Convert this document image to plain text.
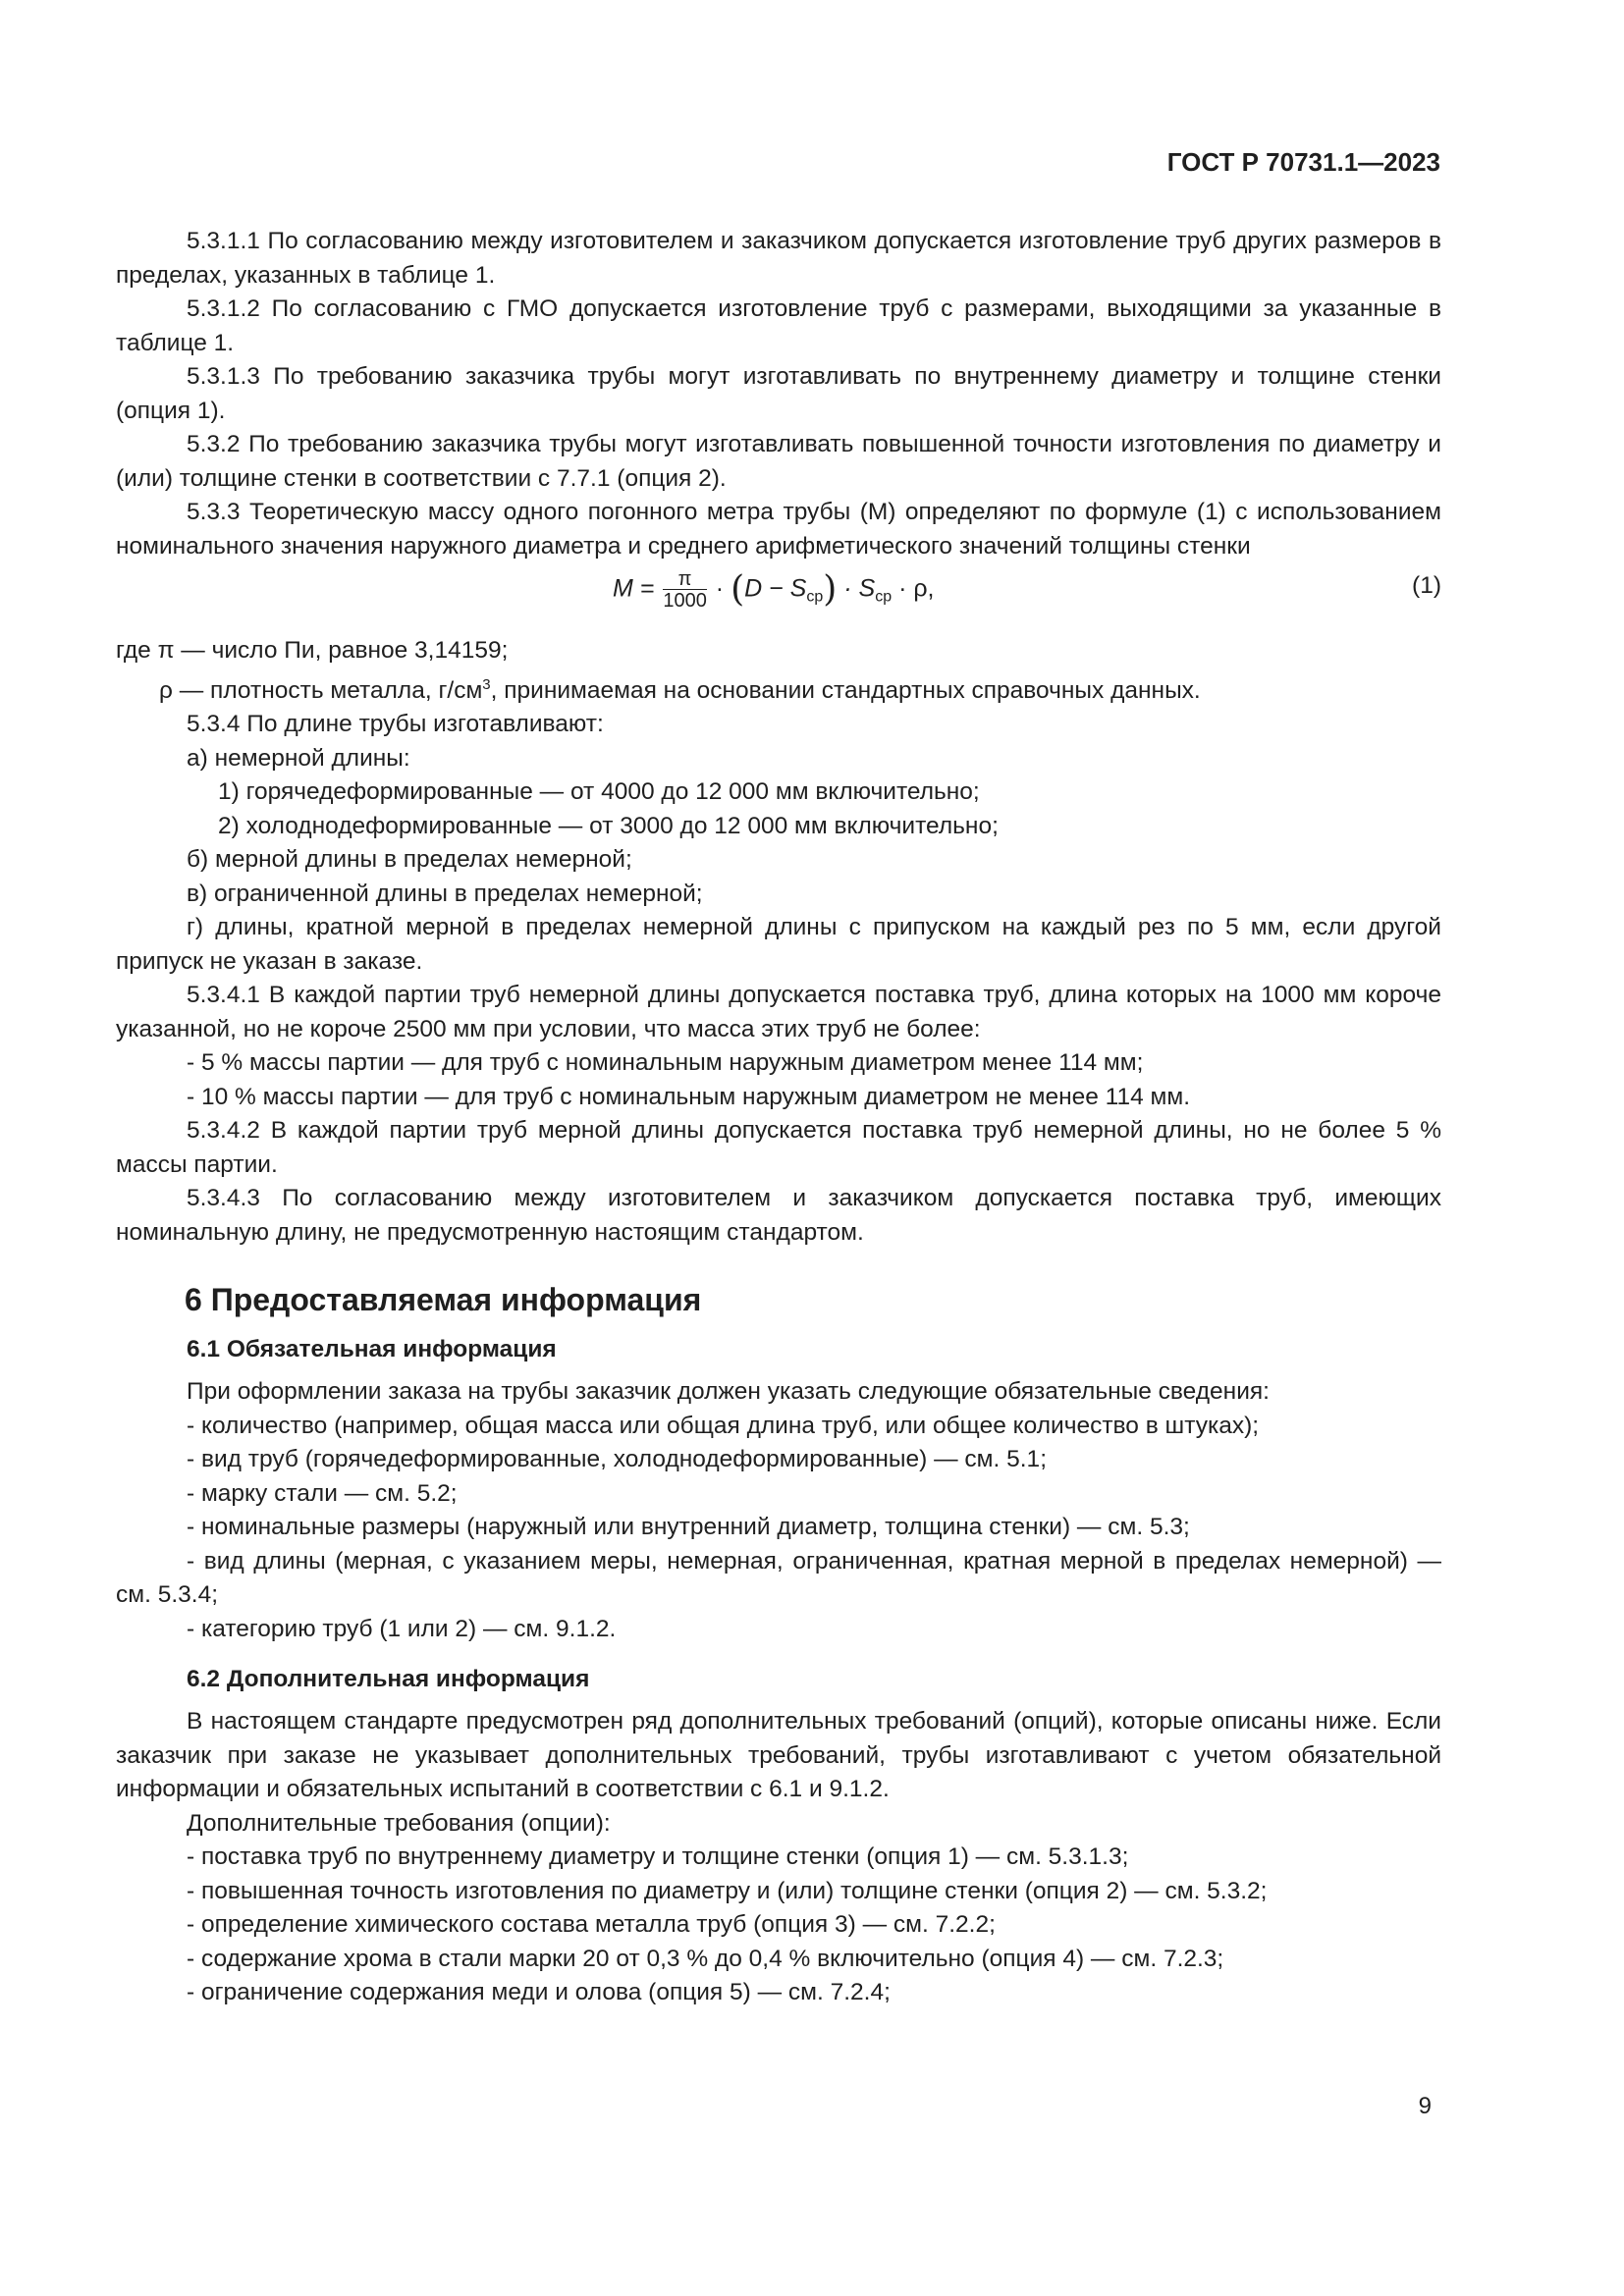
ГОСТ Р 70731.1—2023

5.3.1.1 По согласованию между изготовителем и заказчиком допускается изготовление труб других размеров в пределах, указанных в таблице 1.

5.3.1.2 По согласованию с ГМО допускается изготовление труб с размерами, выходящими за указанные в таблице 1.

5.3.1.3 По требованию заказчика трубы могут изготавливать по внутреннему диаметру и толщине стенки (опция 1).

5.3.2 По требованию заказчика трубы могут изготавливать повышенной точности изготовления по диаметру и (или) толщине стенки в соответствии с 7.7.1 (опция 2).

5.3.3 Теоретическую массу одного погонного метра трубы (M) определяют по формуле (1) с использованием номинального значения наружного диаметра и среднего арифметического значений толщины стенки

$M = \frac{\pi}{1000} \cdot (D - S_{ср}) \cdot S_{ср} \cdot \rho$,	(1)

где π — число Пи, равное 3,14159;

ρ — плотность металла, $г/см^3$, принимаемая на основании стандартных справочных данных.

5.3.4 По длине трубы изготавливают:

а) немерной длины:

1) горячедеформированные — от 4000 до 12 000 мм включительно;

2) холоднодеформированные — от 3000 до 12 000 мм включительно;

б) мерной длины в пределах немерной;

в) ограниченной длины в пределах немерной;

г) длины, кратной мерной в пределах немерной длины с припуском на каждый рез по 5 мм, если другой припуск не указан в заказе.

5.3.4.1 В каждой партии труб немерной длины допускается поставка труб, длина которых на 1000 мм короче указанной, но не короче 2500 мм при условии, что масса этих труб не более:

- 5 % массы партии — для труб с номинальным наружным диаметром менее 114 мм;

- 10 % массы партии — для труб с номинальным наружным диаметром не менее 114 мм.

5.3.4.2 В каждой партии труб мерной длины допускается поставка труб немерной длины, но не более 5 % массы партии.

5.3.4.3 По согласованию между изготовителем и заказчиком допускается поставка труб, имеющих номинальную длину, не предусмотренную настоящим стандартом.

6 Предоставляемая информация
6.1 Обязательная информация

При оформлении заказа на трубы заказчик должен указать следующие обязательные сведения:

- количество (например, общая масса или общая длина труб, или общее количество в штуках);

- вид труб (горячедеформированные, холоднодеформированные) — см. 5.1;

- марку стали — см. 5.2;

- номинальные размеры (наружный или внутренний диаметр, толщина стенки) — см. 5.3;

- вид длины (мерная, с указанием меры, немерная, ограниченная, кратная мерной в пределах немерной) — см. 5.3.4;

- категорию труб (1 или 2) — см. 9.1.2.

6.2 Дополнительная информация

В настоящем стандарте предусмотрен ряд дополнительных требований (опций), которые описаны ниже. Если заказчик при заказе не указывает дополнительных требований, трубы изготавливают с учетом обязательной информации и обязательных испытаний в соответствии с 6.1 и 9.1.2.

Дополнительные требования (опции):

- поставка труб по внутреннему диаметру и толщине стенки (опция 1) — см. 5.3.1.3;

- повышенная точность изготовления по диаметру и (или) толщине стенки (опция 2) — см. 5.3.2;

- определение химического состава металла труб (опция 3) — см. 7.2.2;

- содержание хрома в стали марки 20 от 0,3 % до 0,4 % включительно (опция 4) — см. 7.2.3;

- ограничение содержания меди и олова (опция 5) — см. 7.2.4;

9
